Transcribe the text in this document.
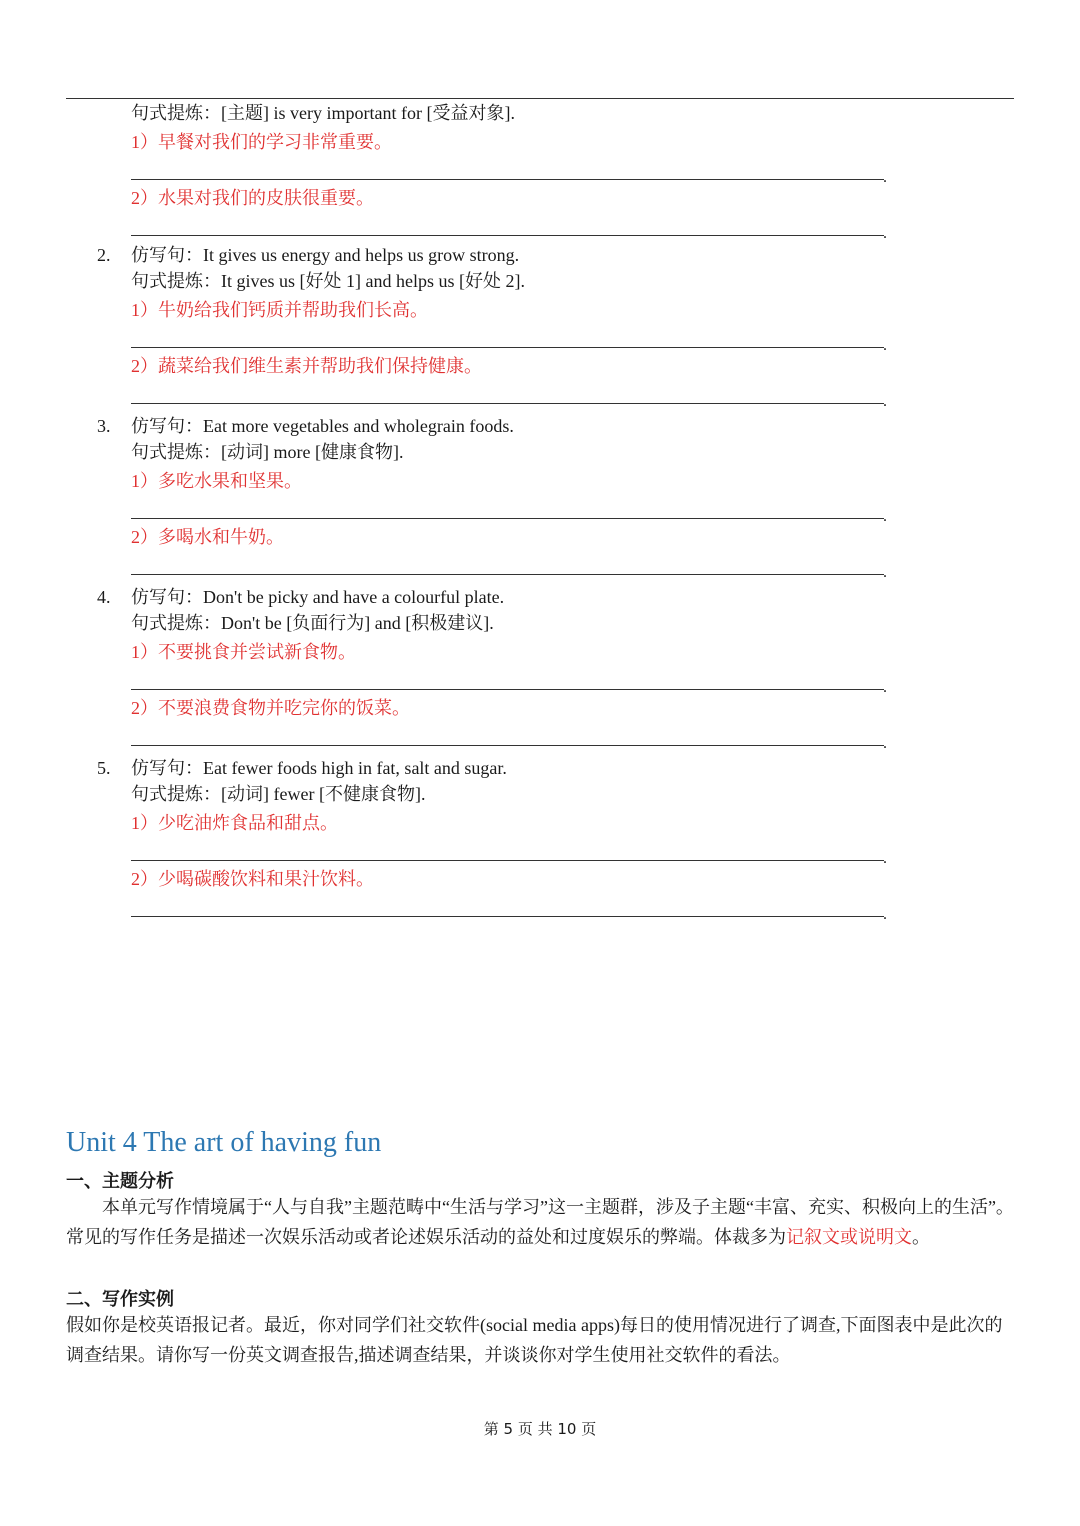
句式提炼：[主题] is very important for [受益对象].
1）早餐对我们的学习非常重要。
.
2）水果对我们的皮肤很重要。
.
2. 仿写句：It gives us energy and helps us grow strong.
句式提炼：It gives us [好处 1] and helps us [好处 2].
1）牛奶给我们钙质并帮助我们长高。
.
2）蔬菜给我们维生素并帮助我们保持健康。
.
3. 仿写句：Eat more vegetables and wholegrain foods.
句式提炼：[动词] more [健康食物].
1）多吃水果和坚果。
.
2）多喝水和牛奶。
.
4. 仿写句：Don't be picky and have a colourful plate.
句式提炼：Don't be [负面行为] and [积极建议].
1）不要挑食并尝试新食物。
.
2）不要浪费食物并吃完你的饭菜。
.
5. 仿写句：Eat fewer foods high in fat, salt and sugar.
句式提炼：[动词] fewer [不健康食物].
1）少吃油炸食品和甜点。
.
2）少喝碳酸饮料和果汁饮料。
.
Unit 4 The art of having fun
一、主题分析
本单元写作情境属于“人与自我”主题范畴中“生活与学习”这一主题群，涉及子主题“丰富、充实、积极向上的生活”。常见的写作任务是描述一次娱乐活动或者论述娱乐活动的益处和过度娱乐的弊端。体裁多为记叙文或说明文。
二、写作实例
假如你是校英语报记者。最近，你对同学们社交软件(social media apps)每日的使用情况进行了调查,下面图表中是此次的调查结果。请你写一份英文调查报告,描述调查结果，并谈谈你对学生使用社交软件的看法。
第 5 页 共 10 页
